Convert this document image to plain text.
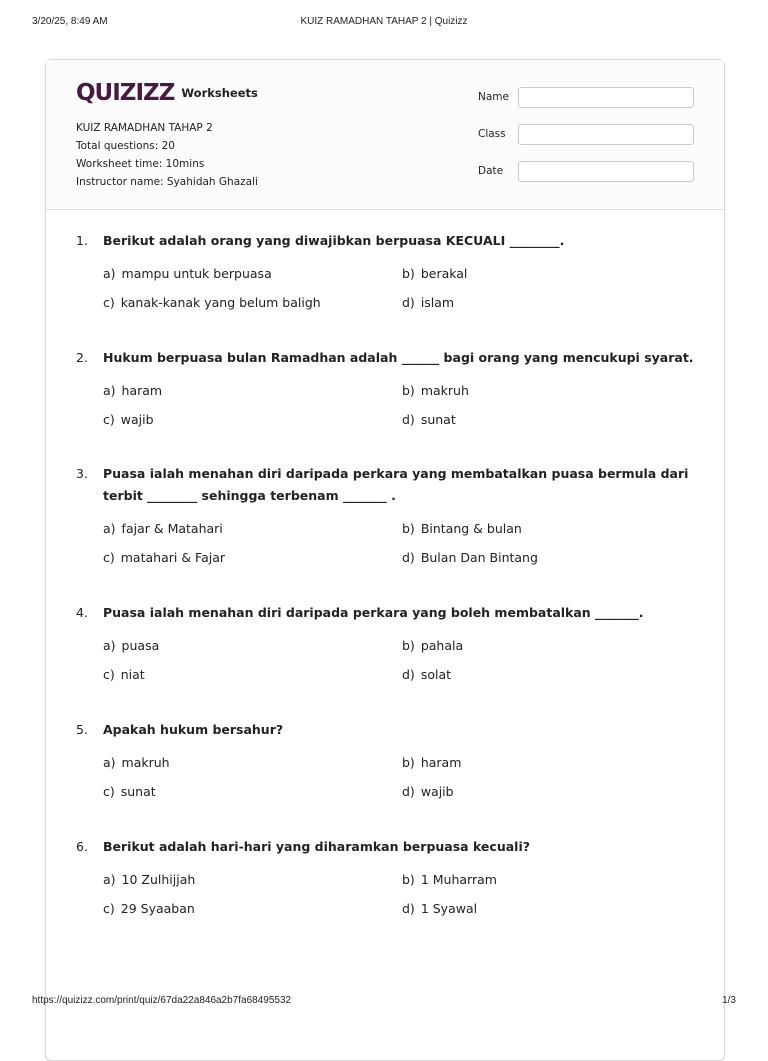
3/20/25, 8:49 AM	KUIZ RAMADHAN TAHAP 2 | Quizizz
QUIZIZZ Worksheets
KUIZ RAMADHAN TAHAP 2
Total questions: 20
Worksheet time: 10mins
Instructor name: Syahidah Ghazali
Name
Class
Date
1.	Berikut adalah orang yang diwajibkan berpuasa KECUALI ________.
a) mampu untuk berpuasa	b) berakal
c) kanak-kanak yang belum baligh	d) islam
2.	Hukum berpuasa bulan Ramadhan adalah ______ bagi orang yang mencukupi syarat.
a) haram	b) makruh
c) wajib	d) sunat
3.	Puasa ialah menahan diri daripada perkara yang membatalkan puasa bermula dari terbit ________ sehingga terbenam _______ .
a) fajar & Matahari	b) Bintang & bulan
c) matahari & Fajar	d) Bulan Dan Bintang
4.	Puasa ialah menahan diri daripada perkara yang boleh membatalkan _______.
a) puasa	b) pahala
c) niat	d) solat
5.	Apakah hukum bersahur?
a) makruh	b) haram
c) sunat	d) wajib
6.	Berikut adalah hari-hari yang diharamkan berpuasa kecuali?
a) 10 Zulhijjah	b) 1 Muharram
c) 29 Syaaban	d) 1 Syawal
https://quizizz.com/print/quiz/67da22a846a2b7fa68495532	1/3
